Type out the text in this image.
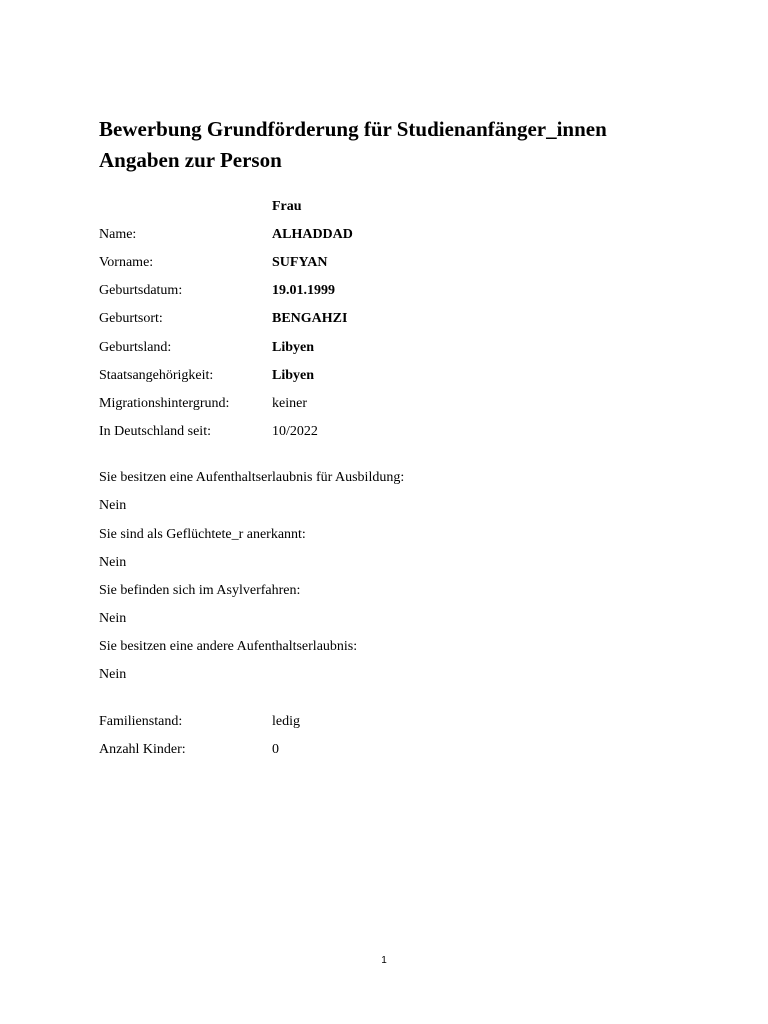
Bewerbung Grundförderung für Studienanfänger_innen
Angaben zur Person
Frau
Name:	ALHADDAD
Vorname:	SUFYAN
Geburtsdatum:	19.01.1999
Geburtsort:	BENGAHZI
Geburtsland:	Libyen
Staatsangehörigkeit:	Libyen
Migrationshintergrund:	keiner
In Deutschland seit:	10/2022
Sie besitzen eine Aufenthaltserlaubnis für Ausbildung:
Nein
Sie sind als Geflüchtete_r anerkannt:
Nein
Sie befinden sich im Asylverfahren:
Nein
Sie besitzen eine andere Aufenthaltserlaubnis:
Nein
Familienstand:	ledig
Anzahl Kinder:	0
1
